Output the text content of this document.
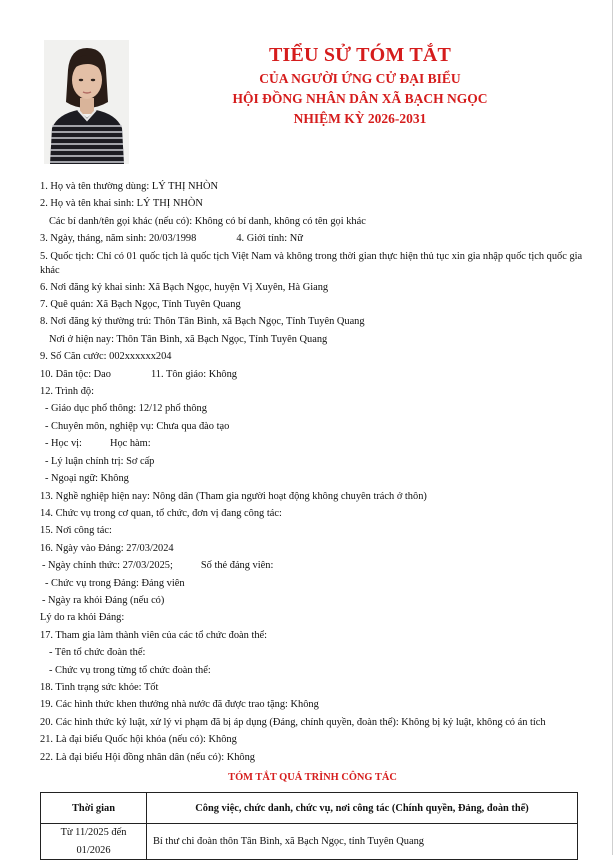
TIỂU SỬ TÓM TẮT
CỦA NGƯỜI ỨNG CỬ ĐẠI BIỂU
HỘI ĐỒNG NHÂN DÂN XÃ BẠCH NGỌC
NHIỆM KỲ 2026-2031
1. Họ và tên thường dùng: LÝ THỊ NHÒN
2. Họ và tên khai sinh: LÝ THỊ NHÒN
Các bí danh/tên gọi khác (nếu có): Không có bí danh, không có tên gọi khác
3. Ngày, tháng, năm sinh: 20/03/1998	4. Giới tính: Nữ
5. Quốc tịch: Chỉ có 01 quốc tịch là quốc tịch Việt Nam và không trong thời gian thực hiện thủ tục xin gia nhập quốc tịch quốc gia khác
6. Nơi đăng ký khai sinh: Xã Bạch Ngọc, huyện Vị Xuyên, Hà Giang
7. Quê quán: Xã Bạch Ngọc, Tỉnh Tuyên Quang
8. Nơi đăng ký thường trú: Thôn Tân Bình, xã Bạch Ngọc, Tỉnh Tuyên Quang
Nơi ở hiện nay: Thôn Tân Bình, xã Bạch Ngọc, Tỉnh Tuyên Quang
9. Số Căn cước: 002xxxxxx204
10. Dân tộc: Dao	11. Tôn giáo: Không
12. Trình độ:
- Giáo dục phổ thông: 12/12 phổ thông
- Chuyên môn, nghiệp vụ: Chưa qua đào tạo
- Học vị:	Học hàm:
- Lý luận chính trị: Sơ cấp
- Ngoại ngữ: Không
13. Nghề nghiệp hiện nay: Nông dân (Tham gia người hoạt động không chuyên trách ở thôn)
14. Chức vụ trong cơ quan, tổ chức, đơn vị đang công tác:
15. Nơi công tác:
16. Ngày vào Đảng: 27/03/2024
- Ngày chính thức: 27/03/2025;	Số thẻ đảng viên:
- Chức vụ trong Đảng: Đảng viên
- Ngày ra khỏi Đảng (nếu có)
Lý do ra khỏi Đảng:
17. Tham gia làm thành viên của các tổ chức đoàn thể:
- Tên tổ chức đoàn thể:
- Chức vụ trong từng tổ chức đoàn thể:
18. Tình trạng sức khỏe: Tốt
19. Các hình thức khen thưởng nhà nước đã được trao tặng: Không
20. Các hình thức kỷ luật, xử lý vi phạm đã bị áp dụng (Đảng, chính quyền, đoàn thể): Không bị kỷ luật, không có án tích
21. Là đại biểu Quốc hội khóa (nếu có): Không
22. Là đại biểu Hội đồng nhân dân (nếu có): Không
TÓM TẮT QUÁ TRÌNH CÔNG TÁC
Thời gian	Công việc, chức danh, chức vụ, nơi công tác (Chính quyền, Đảng, đoàn thể)
Từ 11/2025 đến 01/2026	Bí thư chi đoàn thôn Tân Bình, xã Bạch Ngọc, tỉnh Tuyên Quang
